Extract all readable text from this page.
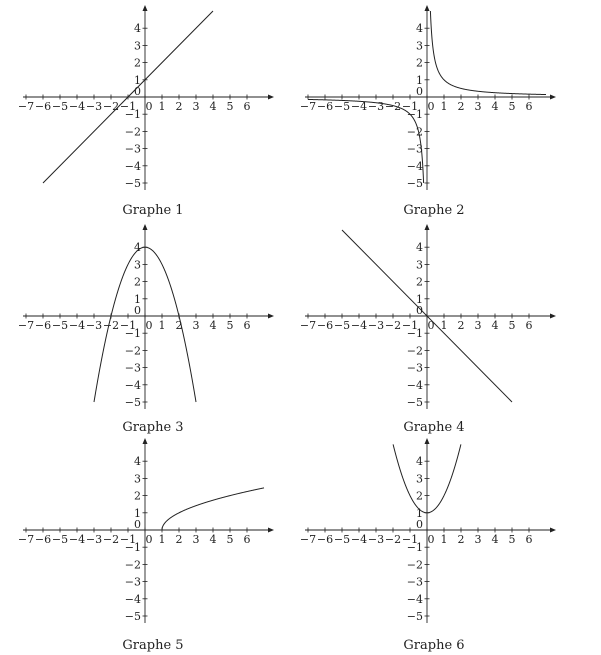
−7 −6 −5 −4 −3 −2 −1 0 1 2 3 4 5 6
−5
−4
−3
−2
−1
1
2
3
4
0
Graphe 1
−7 −6 −5 −4 −3 −2 −1 0 1 2 3 4 5 6
−5
−4
−3
−2
−1
1
2
3
4
0
Graphe 2
−7 −6 −5 −4 −3 −2 −1 0 1 2 3 4 5 6
−5
−4
−3
−2
−1
1
2
3
4
0
Graphe 3
−7 −6 −5 −4 −3 −2 −1 0 1 2 3 4 5 6
−5
−4
−3
−2
−1
1
2
3
4
0
Graphe 4
−7 −6 −5 −4 −3 −2 −1 0 1 2 3 4 5 6
−5
−4
−3
−2
−1
1
2
3
4
0
Graphe 5
−7 −6 −5 −4 −3 −2 −1 0 1 2 3 4 5 6
−5
−4
−3
−2
−1
1
2
3
4
0
Graphe 6
